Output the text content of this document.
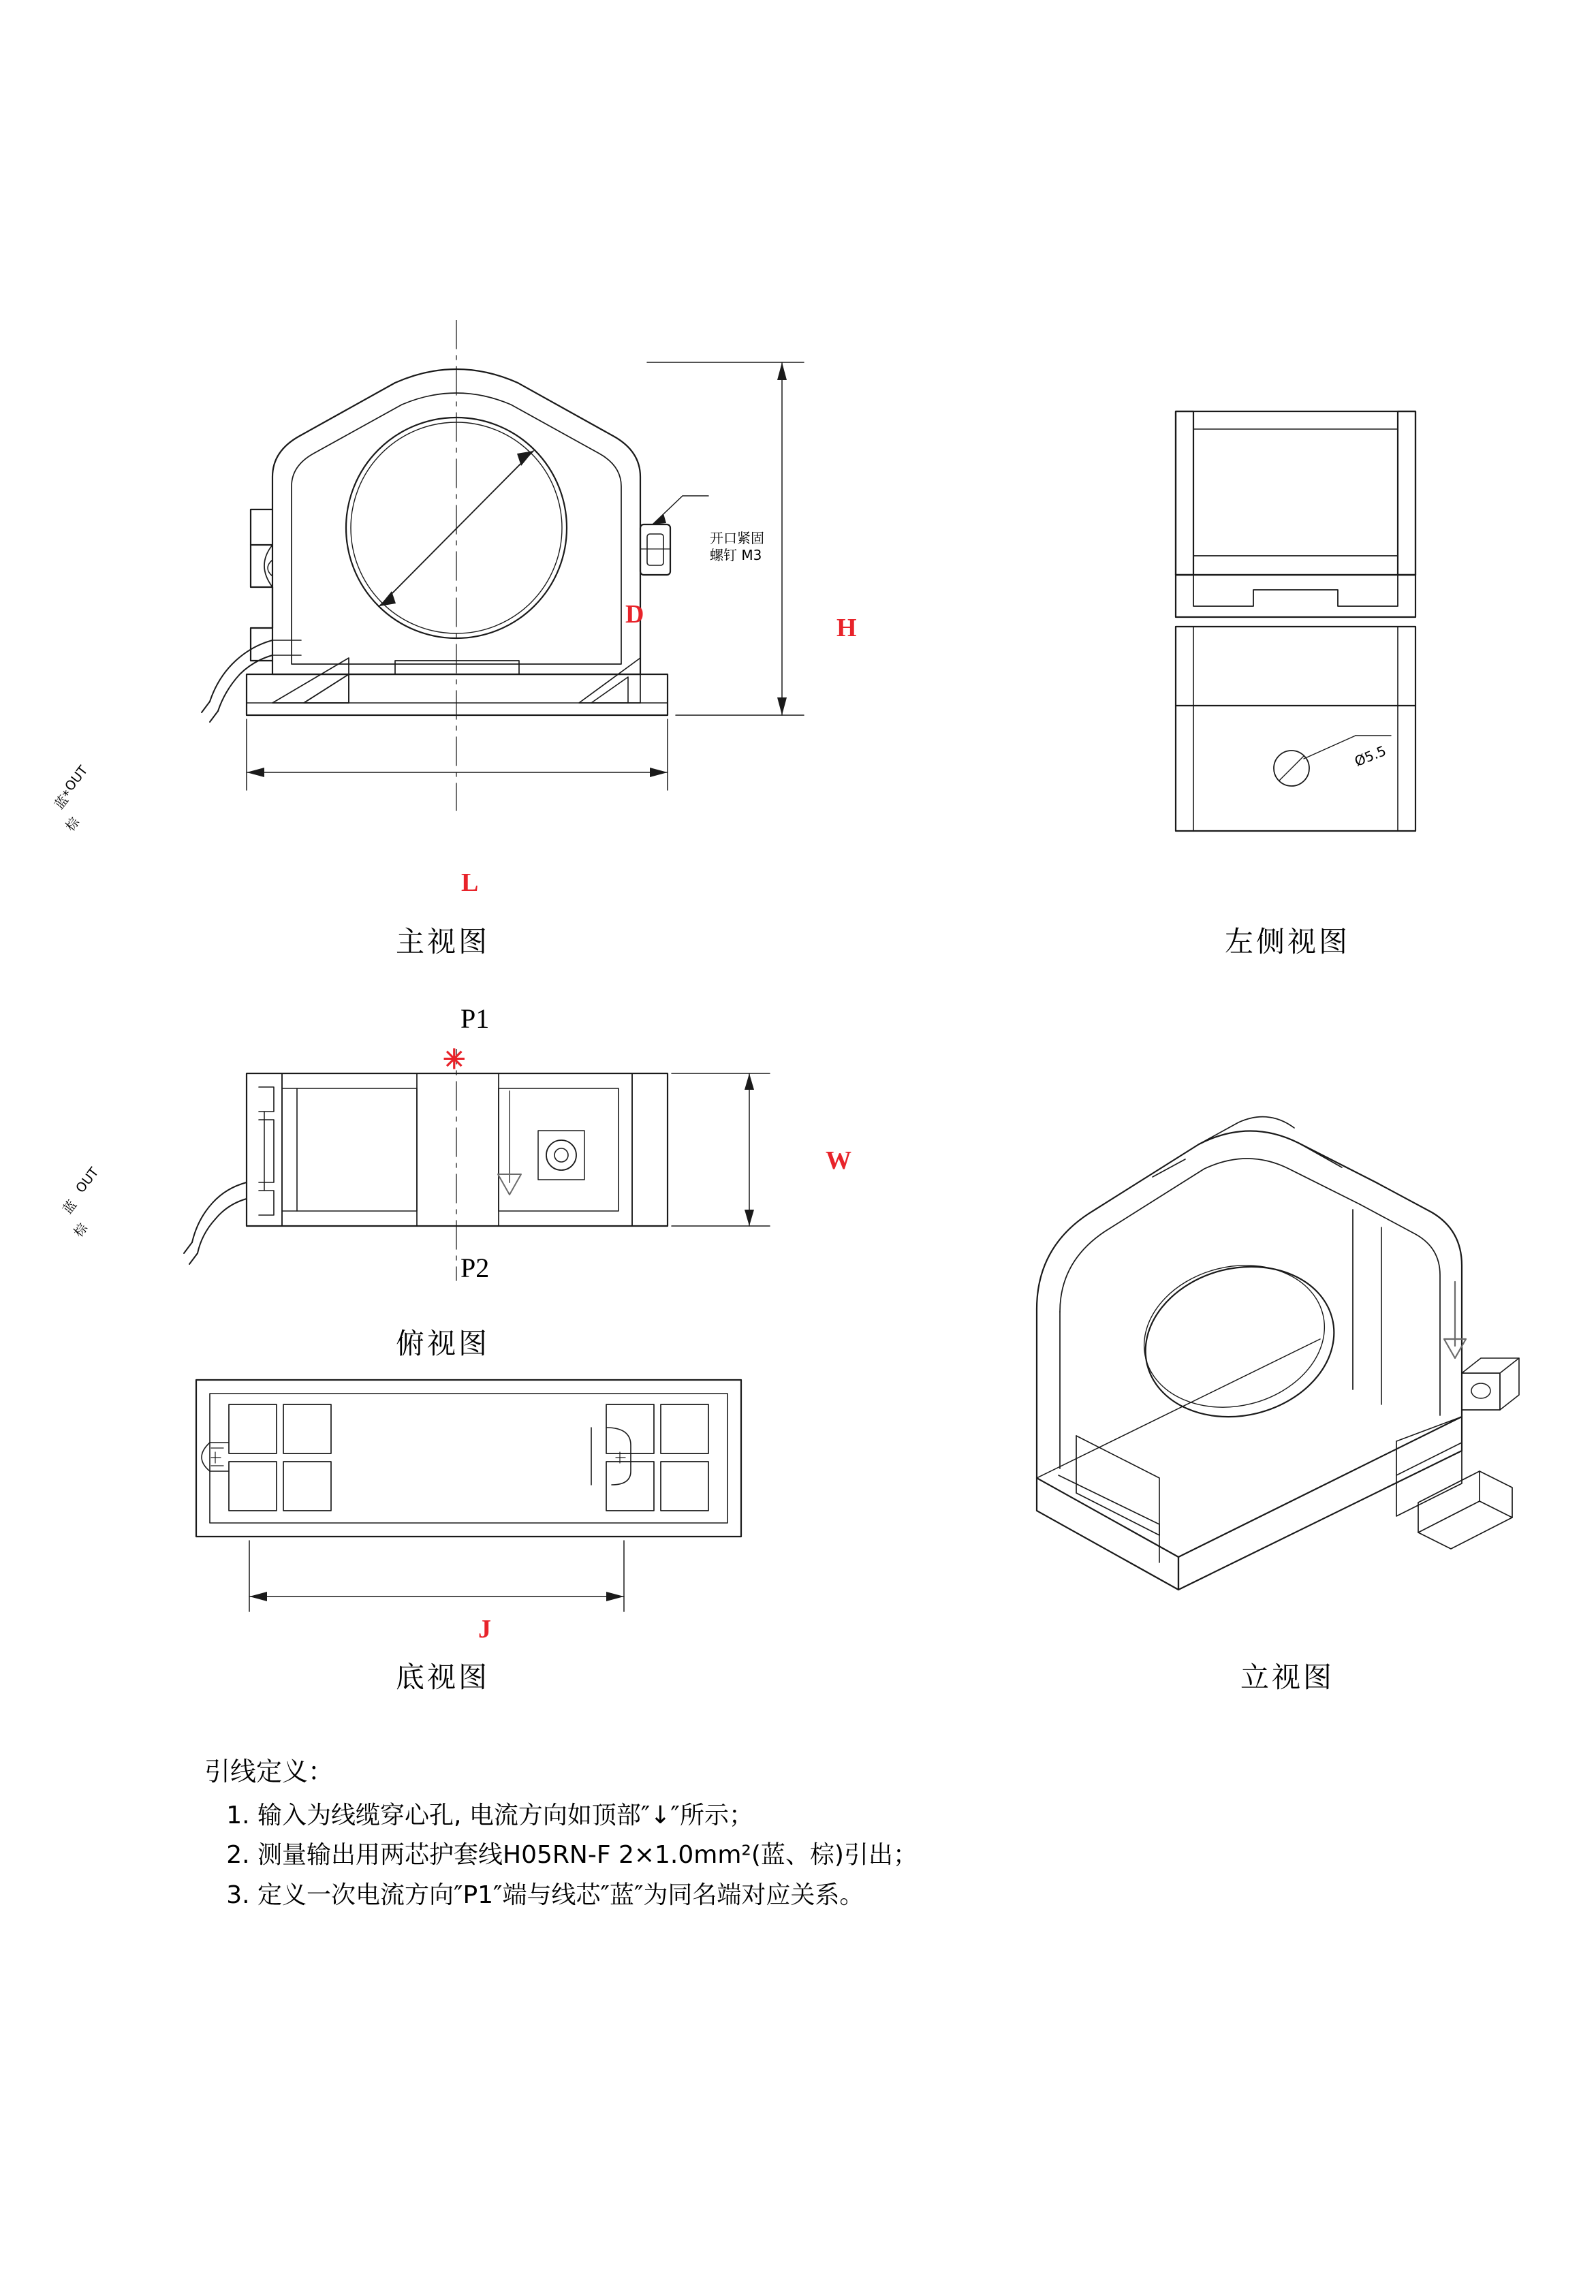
D	H
L
开口紧固
螺钉 M3
OUT
蓝*
棕
主视图
Ø5.5
左侧视图
P1
✳
P2
W
OUT
蓝
棕
俯视图
J
底视图	立视图
引线定义：
1. 输入为线缆穿心孔, 电流方向如顶部″↓″所示；
2. 测量输出用两芯护套线H05RN-F 2×1.0mm²(蓝、棕)引出；
3. 定义一次电流方向″P1″端与线芯″蓝″为同名端对应关系。
